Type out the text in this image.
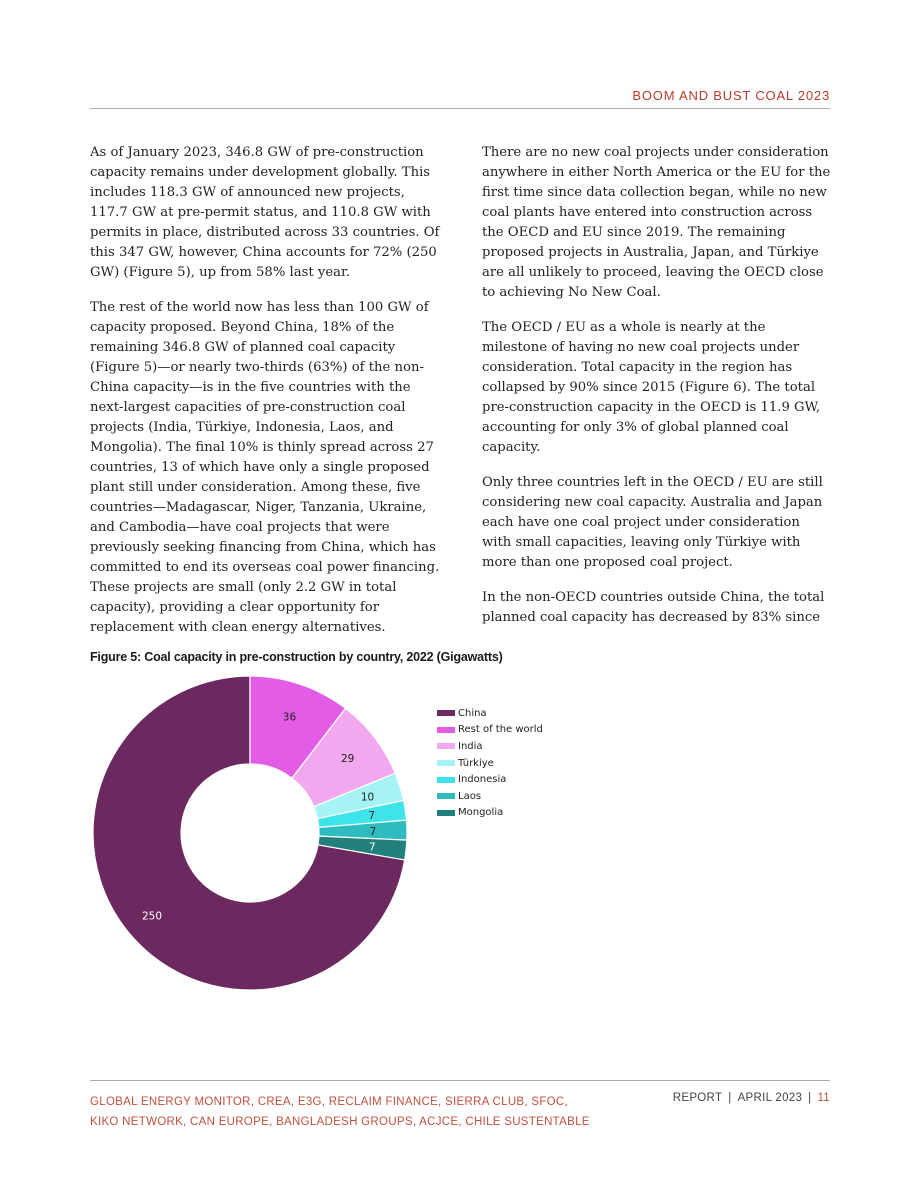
BOOM AND BUST COAL 2023

As of January 2023, 346.8 GW of pre-construction capacity remains under development globally. This includes 118.3 GW of announced new projects, 117.7 GW at pre-permit status, and 110.8 GW with permits in place, distributed across 33 countries. Of this 347 GW, however, China accounts for 72% (250 GW) (Figure 5), up from 58% last year.

The rest of the world now has less than 100 GW of capacity proposed. Beyond China, 18% of the remaining 346.8 GW of planned coal capacity (Figure 5)—or nearly two-thirds (63%) of the non-China capacity—is in the five countries with the next-largest capacities of pre-construction coal projects (India, Türkiye, Indonesia, Laos, and Mongolia). The final 10% is thinly spread across 27 countries, 13 of which have only a single proposed plant still under consideration. Among these, five countries—Madagascar, Niger, Tanzania, Ukraine, and Cambodia—have coal projects that were previously seeking financing from China, which has committed to end its overseas coal power financing. These projects are small (only 2.2 GW in total capacity), providing a clear opportunity for replacement with clean energy alternatives.

There are no new coal projects under consideration anywhere in either North America or the EU for the first time since data collection began, while no new coal plants have entered into construction across the OECD and EU since 2019. The remaining proposed projects in Australia, Japan, and Türkiye are all unlikely to proceed, leaving the OECD close to achieving No New Coal.

The OECD / EU as a whole is nearly at the milestone of having no new coal projects under consideration. Total capacity in the region has collapsed by 90% since 2015 (Figure 6). The total pre-construction capacity in the OECD is 11.9 GW, accounting for only 3% of global planned coal capacity.

Only three countries left in the OECD / EU are still considering new coal capacity. Australia and Japan each have one coal project under consideration with small capacities, leaving only Türkiye with more than one proposed coal project.

In the non-OECD countries outside China, the total planned coal capacity has decreased by 83% since

Figure 5: Coal capacity in pre-construction by country, 2022 (Gigawatts)
250
36
29
10
7
7
7
China
Rest of the world
India
Türkiye
Indonesia
Laos
Mongolia
GLOBAL ENERGY MONITOR, CREA, E3G, RECLAIM FINANCE, SIERRA CLUB, SFOC,
KIKO NETWORK, CAN EUROPE, BANGLADESH GROUPS, ACJCE, CHILE SUSTENTABLE
REPORT | APRIL 2023 | 11
